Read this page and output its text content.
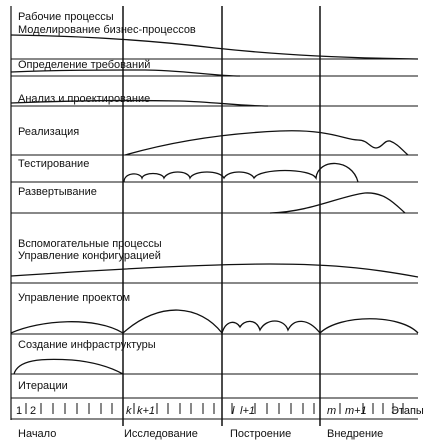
Рабочие процессы
Вспомогательные процессы
Моделирование бизнес-процессов
Определение требований
Анализ и проектирование
Реализация
Тестирование
Развертывание
Управление конфигурацией
Управление проектом
Создание инфраструктуры
Итерации
1 2	k k+1	l l+1	m m+1 Этапы
Начало	Исследование	Построение	Внедрение
